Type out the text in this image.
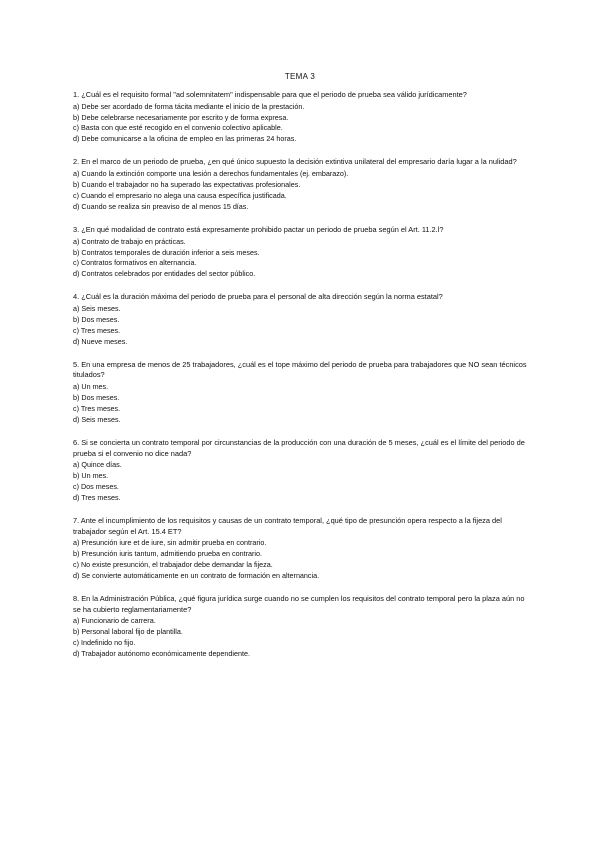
TEMA 3

1. ¿Cuál es el requisito formal "ad solemnitatem" indispensable para que el periodo de prueba sea válido jurídicamente?

a) Debe ser acordado de forma tácita mediante el inicio de la prestación.
b) Debe celebrarse necesariamente por escrito y de forma expresa.
c) Basta con que esté recogido en el convenio colectivo aplicable.
d) Debe comunicarse a la oficina de empleo en las primeras 24 horas.

2. En el marco de un periodo de prueba, ¿en qué único supuesto la decisión extintiva unilateral del empresario daría lugar a la nulidad?

a) Cuando la extinción comporte una lesión a derechos fundamentales (ej. embarazo).
b) Cuando el trabajador no ha superado las expectativas profesionales.
c) Cuando el empresario no alega una causa específica justificada.
d) Cuando se realiza sin preaviso de al menos 15 días.

3. ¿En qué modalidad de contrato está expresamente prohibido pactar un periodo de prueba según el Art. 11.2.l?

a) Contrato de trabajo en prácticas.
b) Contratos temporales de duración inferior a seis meses.
c) Contratos formativos en alternancia.
d) Contratos celebrados por entidades del sector público.

4. ¿Cuál es la duración máxima del periodo de prueba para el personal de alta dirección según la norma estatal?

a) Seis meses.
b) Dos meses.
c) Tres meses.
d) Nueve meses.

5. En una empresa de menos de 25 trabajadores, ¿cuál es el tope máximo del periodo de prueba para trabajadores que NO sean técnicos titulados?

a) Un mes.
b) Dos meses.
c) Tres meses.
d) Seis meses.

6. Si se concierta un contrato temporal por circunstancias de la producción con una duración de 5 meses, ¿cuál es el límite del periodo de prueba si el convenio no dice nada?

a) Quince días.
b) Un mes.
c) Dos meses.
d) Tres meses.

7. Ante el incumplimiento de los requisitos y causas de un contrato temporal, ¿qué tipo de presunción opera respecto a la fijeza del trabajador según el Art. 15.4 ET?

a) Presunción iure et de iure, sin admitir prueba en contrario.
b) Presunción iuris tantum, admitiendo prueba en contrario.
c) No existe presunción, el trabajador debe demandar la fijeza.
d) Se convierte automáticamente en un contrato de formación en alternancia.

8. En la Administración Pública, ¿qué figura jurídica surge cuando no se cumplen los requisitos del contrato temporal pero la plaza aún no se ha cubierto reglamentariamente?

a) Funcionario de carrera.
b) Personal laboral fijo de plantilla.
c) Indefinido no fijo.
d) Trabajador autónomo económicamente dependiente.
